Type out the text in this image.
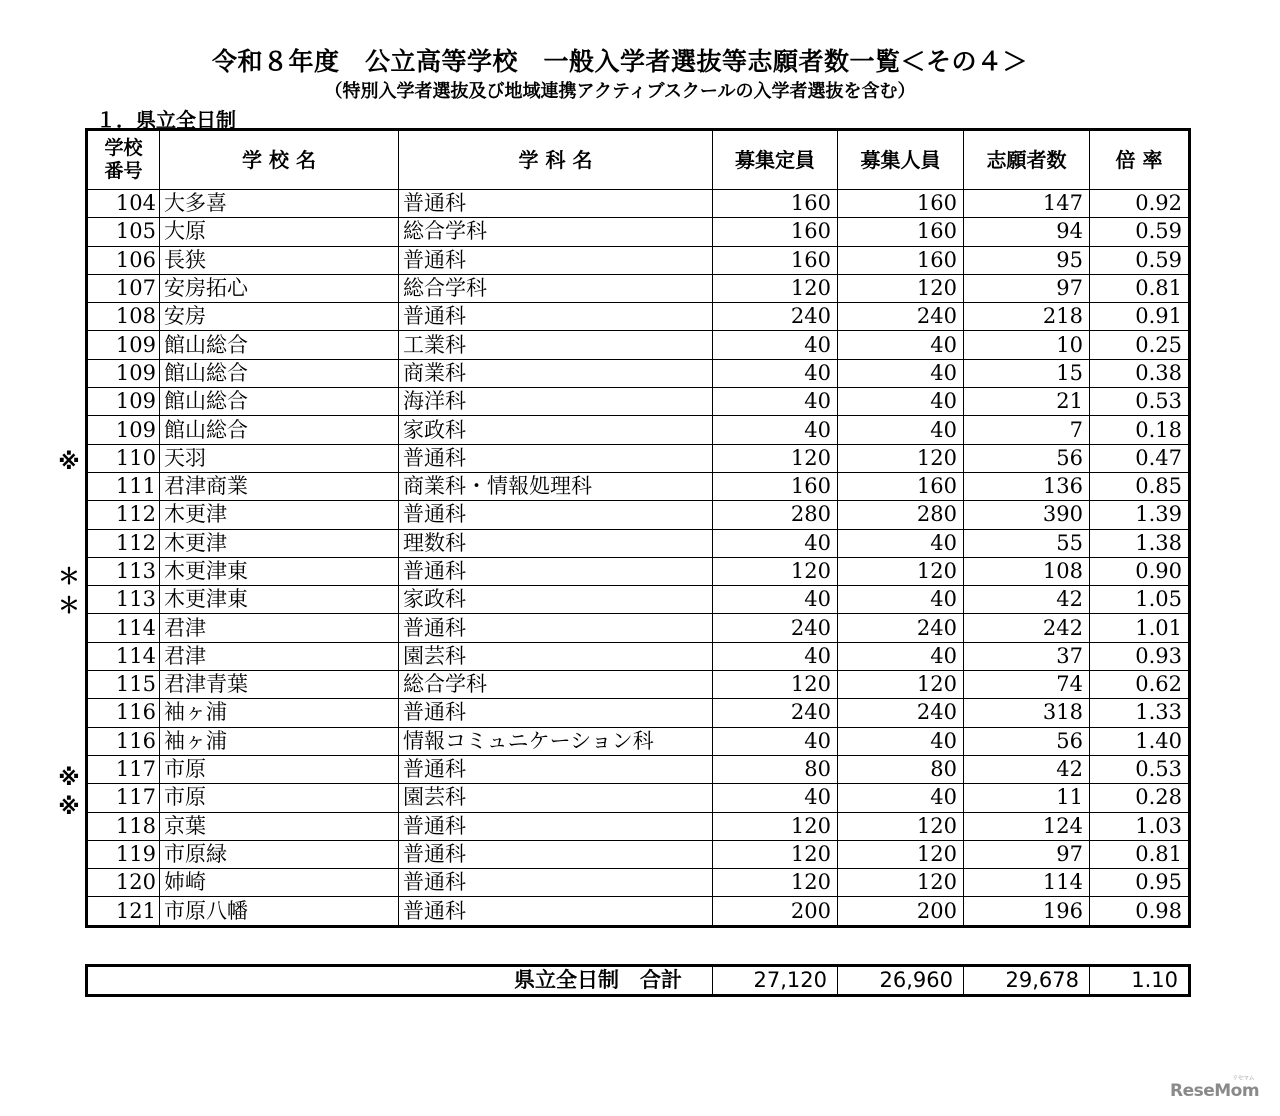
令和８年度　公立高等学校　一般入学者選抜等志願者数一覧＜その４＞
（特別入学者選抜及び地域連携アクティブスクールの入学者選抜を含む）
１．県立全日制
※
＊
＊
※
※
学校
番号	学 校 名	学 科 名	募集定員	募集人員	志願者数	倍 率
104	大多喜	普通科	160	160	147	0.92
105	大原	総合学科	160	160	94	0.59
106	長狭	普通科	160	160	95	0.59
107	安房拓心	総合学科	120	120	97	0.81
108	安房	普通科	240	240	218	0.91
109	館山総合	工業科	40	40	10	0.25
109	館山総合	商業科	40	40	15	0.38
109	館山総合	海洋科	40	40	21	0.53
109	館山総合	家政科	40	40	7	0.18
110	天羽	普通科	120	120	56	0.47
111	君津商業	商業科・情報処理科	160	160	136	0.85
112	木更津	普通科	280	280	390	1.39
112	木更津	理数科	40	40	55	1.38
113	木更津東	普通科	120	120	108	0.90
113	木更津東	家政科	40	40	42	1.05
114	君津	普通科	240	240	242	1.01
114	君津	園芸科	40	40	37	0.93
115	君津青葉	総合学科	120	120	74	0.62
116	袖ヶ浦	普通科	240	240	318	1.33
116	袖ヶ浦	情報コミュニケーション科	40	40	56	1.40
117	市原	普通科	80	80	42	0.53
117	市原	園芸科	40	40	11	0.28
118	京葉	普通科	120	120	124	1.03
119	市原緑	普通科	120	120	97	0.81
120	姉崎	普通科	120	120	114	0.95
121	市原八幡	普通科	200	200	196	0.98
県立全日制　合計	27,120	26,960	29,678	1.10
ReseMom
リセマム
